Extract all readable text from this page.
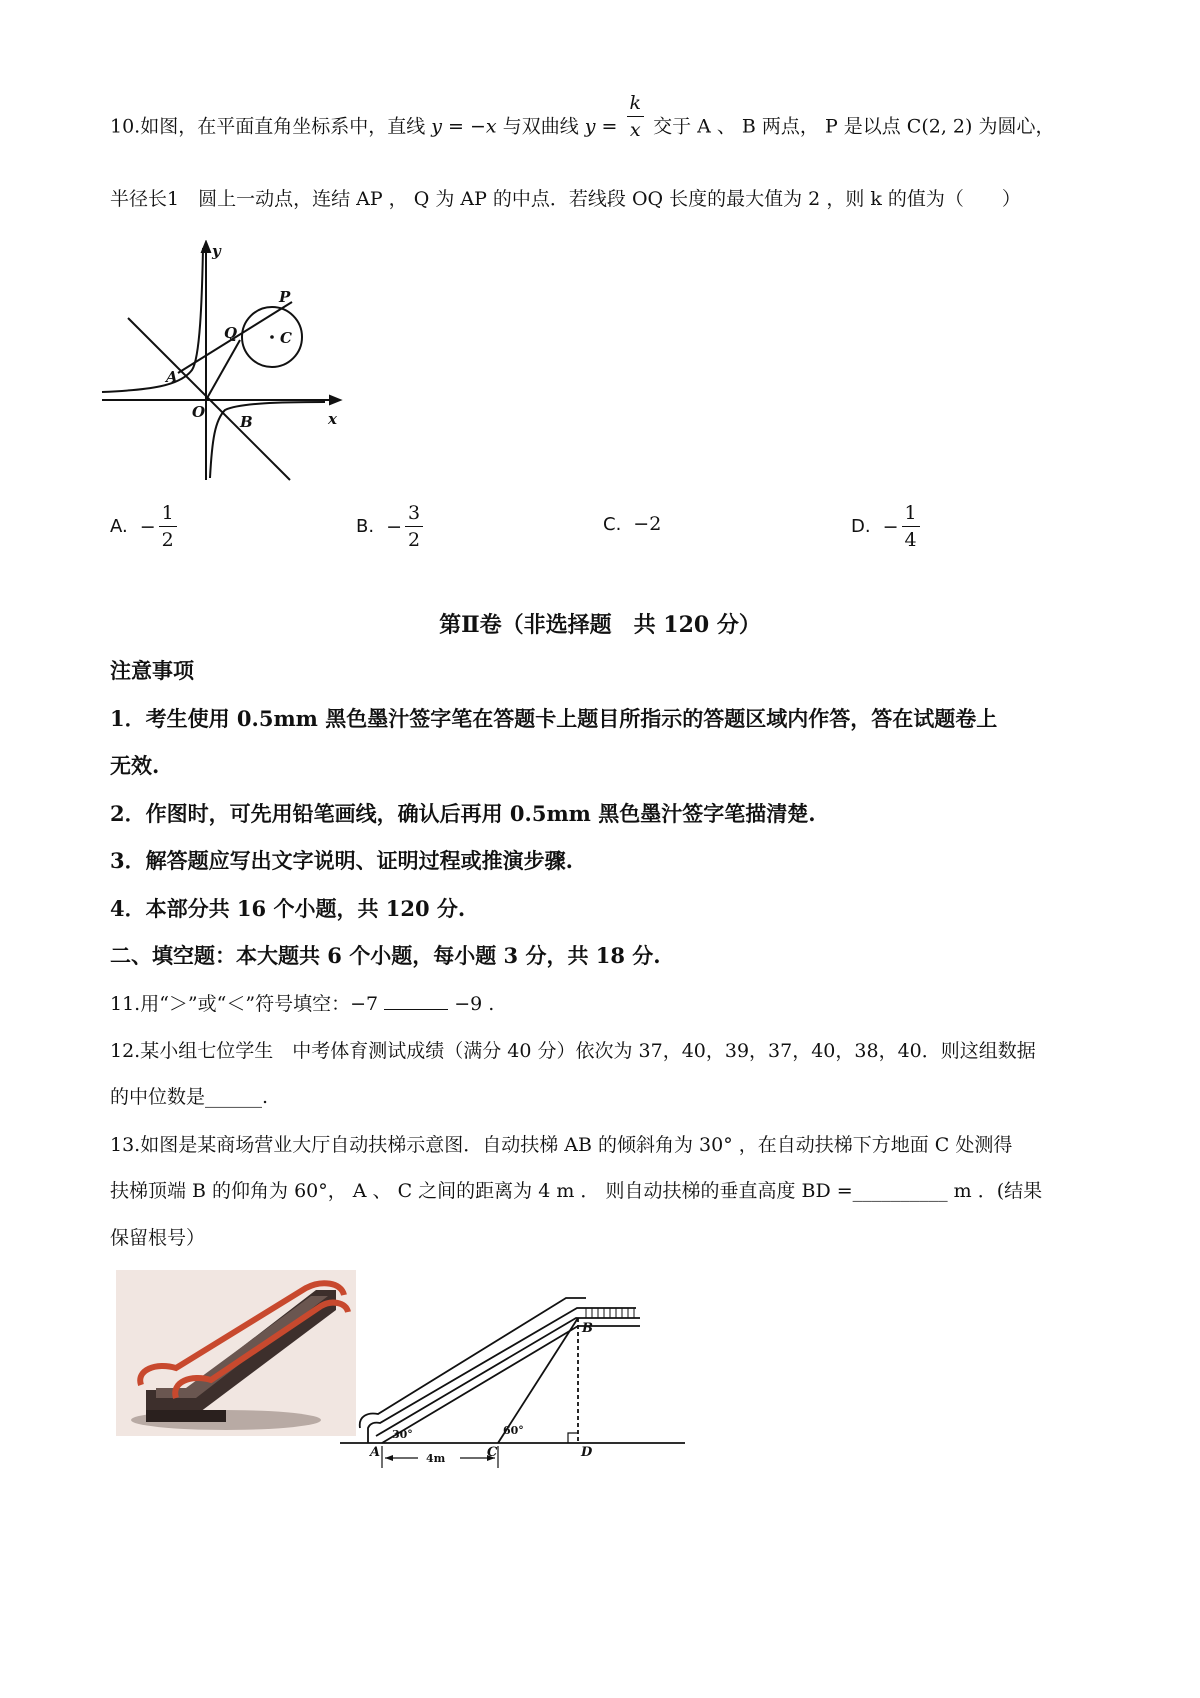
10.如图，在平面直角坐标系中，直线 y = −x 与双曲线 $y = \frac{k}{x}$ 交于 A 、 B 两点， P 是以点 C(2, 2) 为圆心，
半径长1　圆上一动点，连结 AP ， Q 为 AP 的中点．若线段 OQ 长度的最大值为 2 ，则 k 的值为（　　）
y
x
O
A
B
P
Q	C
A. − $\frac{1}{2}$	B. − $\frac{3}{2}$	C. −2	D. − $\frac{1}{4}$
第Ⅱ卷（非选择题　共 120 分）
注意事项
1．考生使用 0.5mm 黑色墨汁签字笔在答题卡上题目所指示的答题区域内作答，答在试题卷上
无效.
2．作图时，可先用铅笔画线，确认后再用 0.5mm 黑色墨汁签字笔描清楚.
3．解答题应写出文字说明、证明过程或推演步骤.
4．本部分共 16 个小题，共 120 分.
二、填空题：本大题共 6 个小题，每小题 3 分，共 18 分.
11.用“＞”或“＜”符号填空：−7	−9 .
12.某小组七位学生　中考体育测试成绩（满分 40 分）依次为 37，40，39，37，40，38，40．则这组数据
的中位数是______.
13.如图是某商场营业大厅自动扶梯示意图．自动扶梯 AB 的倾斜角为 30° ，在自动扶梯下方地面 C 处测得
扶梯顶端 B 的仰角为 60°， A 、 C 之间的距离为 4 m ． 则自动扶梯的垂直高度 BD =__________ m ．(结果
保留根号）
A	C
B
D
30°	60°
4m
